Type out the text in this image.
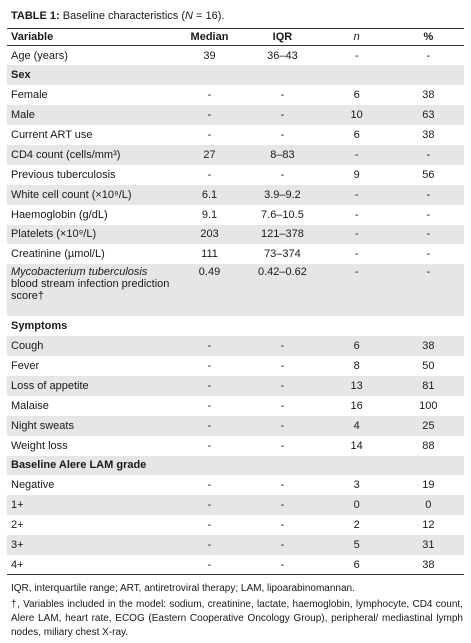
TABLE 1: Baseline characteristics (N = 16).
Variable	Median	IQR	n	%
Age (years)	39	36–43	-	-
Sex				
Female	-	-	6	38
Male	-	-	10	63
Current ART use	-	-	6	38
CD4 count (cells/mm³)	27	8–83	-	-
Previous tuberculosis	-	-	9	56
White cell count (×10⁹/L)	6.1	3.9–9.2	-	-
Haemoglobin (g/dL)	9.1	7.6–10.5	-	-
Platelets (×10⁹/L)	203	121–378	-	-
Creatinine (µmol/L)	111	73–374	-	-
Mycobacterium tuberculosis
blood stream infection prediction score†	0.49	0.42–0.62	-	-
Symptoms				
Cough	-	-	6	38
Fever	-	-	8	50
Loss of appetite	-	-	13	81
Malaise	-	-	16	100
Night sweats	-	-	4	25
Weight loss	-	-	14	88
Baseline Alere LAM grade				
Negative	-	-	3	19
1+	-	-	0	0
2+	-	-	2	12
3+	-	-	5	31
4+	-	-	6	38

IQR, interquartile range; ART, antiretroviral therapy; LAM, lipoarabinomannan.

†, Variables included in the model: sodium, creatinine, lactate, haemoglobin, lymphocyte, CD4 count, Alere LAM, heart rate, ECOG (Eastern Cooperative Oncology Group), peripheral/ mediastinal lymph nodes, miliary chest X-ray.
